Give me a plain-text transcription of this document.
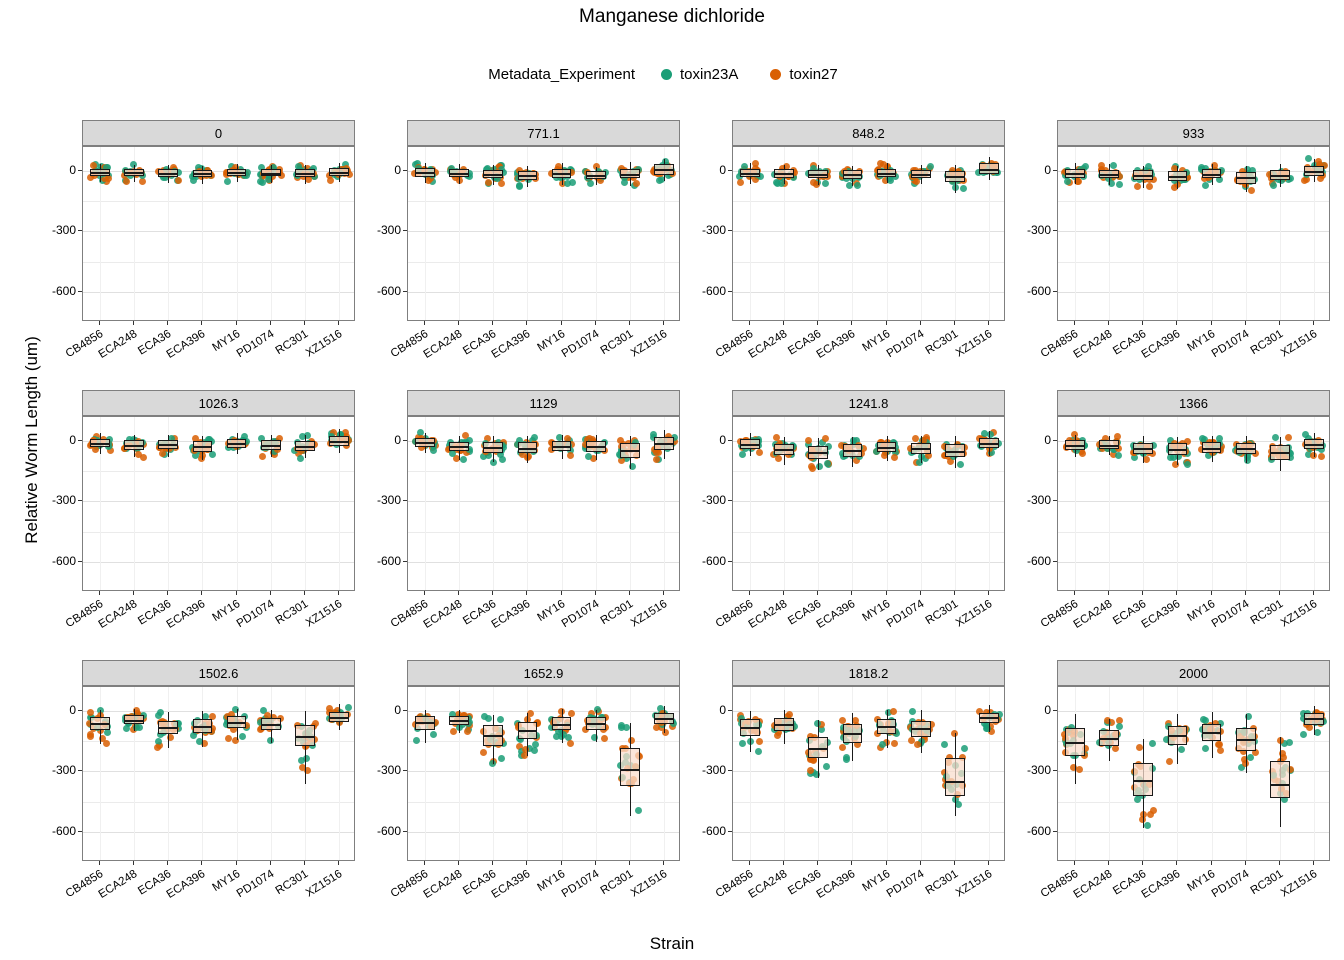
Manganese dichloride
Metadata_Experiment	toxin23A	toxin27
Relative Worm Length (um)
Strain
0
0
-300
-600
CB4856
ECA248
ECA36
ECA396 MY16
PD1074
RC301
XZ1516
771.1
0
-300
-600
CB4856
ECA248
ECA36
ECA396 MY16
PD1074
RC301
XZ1516
848.2
0
-300
-600
CB4856
ECA248
ECA36
ECA396 MY16
PD1074
RC301
XZ1516
933
0
-300
-600
CB4856
ECA248
ECA36
ECA396 MY16
PD1074
RC301
XZ1516
1026.3
0
-300
-600
CB4856
ECA248
ECA36
ECA396 MY16
PD1074
RC301
XZ1516
1129
0
-300
-600
CB4856
ECA248
ECA36
ECA396 MY16
PD1074
RC301
XZ1516
1241.8
0
-300
-600
CB4856
ECA248
ECA36
ECA396 MY16
PD1074
RC301
XZ1516
1366
0
-300
-600
CB4856
ECA248
ECA36
ECA396 MY16
PD1074
RC301
XZ1516
1502.6
0
-300
-600
CB4856
ECA248
ECA36
ECA396 MY16
PD1074
RC301
XZ1516
1652.9
0
-300
-600
CB4856
ECA248
ECA36
ECA396 MY16
PD1074
RC301
XZ1516
1818.2
0
-300
-600
CB4856
ECA248
ECA36
ECA396 MY16
PD1074
RC301
XZ1516
2000
0
-300
-600
CB4856
ECA248
ECA36
ECA396 MY16
PD1074
RC301
XZ1516
